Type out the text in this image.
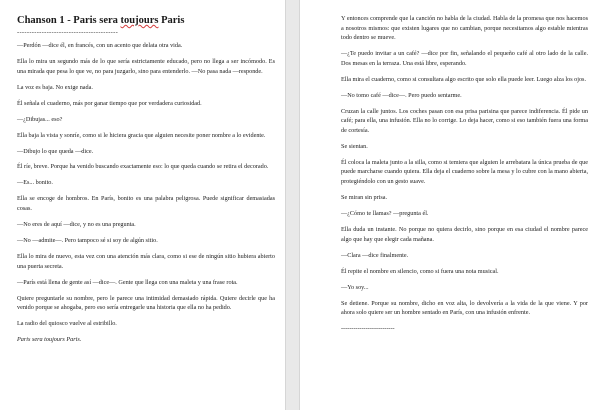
Chanson 1 - Paris sera toujours Paris
-----------------------------------------

—Perdón —dice él, en francés, con un acento que delata otra vida.

Ella lo mira un segundo más de lo que sería estrictamente educado, pero no llega a ser incómodo. Es una mirada que pesa lo que ve, no para juzgarlo, sino para entenderlo. —No pasa nada —responde.

La voz es baja. No exige nada.

Él señala el cuaderno, más por ganar tiempo que por verdadera curiosidad.

—¿Dibujas... eso?

Ella baja la vista y sonríe, como si le hiciera gracia que alguien necesite poner nombre a lo evidente.

—Dibujo lo que queda —dice.

Él ríe, breve. Porque ha venido buscando exactamente eso: lo que queda cuando se retira el decorado.

—Es... bonito.

Ella se encoge de hombros. En París, bonito es una palabra peligrosa. Puede significar demasiadas cosas.

—No eres de aquí —dice, y no es una pregunta.

—No —admite—. Pero tampoco sé si soy de algún sitio.

Ella lo mira de nuevo, esta vez con una atención más clara, como si ese de ningún sitio hubiera abierto una puerta secreta.

—París está llena de gente así —dice—. Gente que llega con una maleta y una frase rota.

Quiere preguntarle su nombre, pero le parece una intimidad demasiado rápida. Quiere decirle que ha venido porque se ahogaba, pero eso sería entregarle una historia que ella no ha pedido.

La radio del quiosco vuelve al estribillo.

Paris sera toujours Paris.

Y entonces comprende que la canción no habla de la ciudad. Habla de la promesa que nos hacemos a nosotros mismos: que existen lugares que no cambian, porque necesitamos algo estable mientras todo dentro se mueve.

—¿Te puedo invitar a un café? —dice por fin, señalando el pequeño café al otro lado de la calle. Dos mesas en la terraza. Una está libre, esperando.

Ella mira el cuaderno, como si consultara algo escrito que solo ella puede leer. Luego alza los ojos.

—No tomo café —dice—. Pero puedo sentarme.

Cruzan la calle juntos. Los coches pasan con esa prisa parisina que parece indiferencia. Él pide un café; para ella, una infusión. Ella no lo corrige. Lo deja hacer, como si eso también fuera una forma de cortesía.

Se sientan.

Él coloca la maleta junto a la silla, como si temiera que alguien le arrebatara la única prueba de que puede marcharse cuando quiera. Ella deja el cuaderno sobre la mesa y lo cubre con la mano abierta, protegiéndolo con un gesto suave.

Se miran sin prisa.

—¿Cómo te llamas? —pregunta él.

Ella duda un instante. No porque no quiera decirlo, sino porque en esa ciudad el nombre parece algo que hay que elegir cada mañana.

—Clara —dice finalmente.

Él repite el nombre en silencio, como si fuera una nota musical.

—Yo soy...

Se detiene. Porque su nombre, dicho en voz alta, lo devolvería a la vida de la que viene. Y por ahora solo quiere ser un hombre sentado en París, con una infusión enfrente.

--------------------------
